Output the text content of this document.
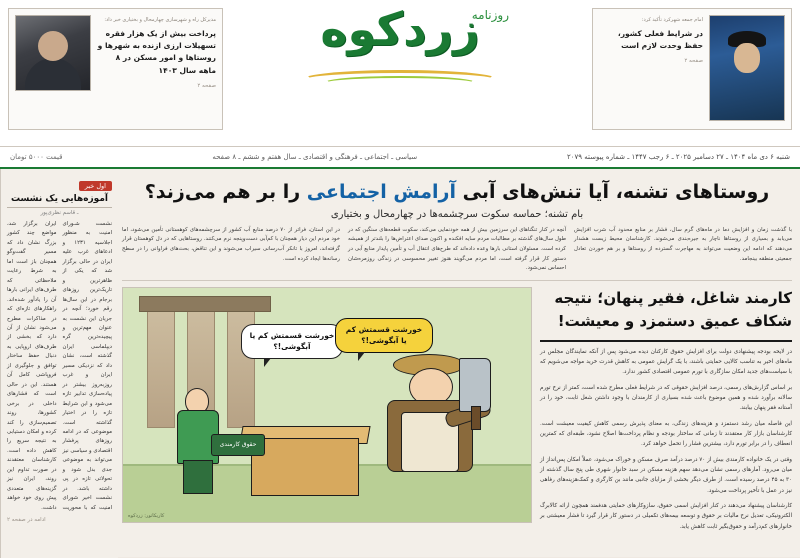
مدیرکل راه و شهرسازی چهارمحال و بختیاری خبر داد:
پرداخت بیش از یک هزار فقره تسهیلات ارزی ازنده به شهرها و روستاها و امور مسکن در ۸ ماهه سال ۱۴۰۳
صفحه ۲
زردکوه
روزنامه	امام جمعه شهرکرد تأکید کرد:
در شرایط فعلی کشور، حفظ وحدت لازم است
صفحه ۲
شنبه ۶ دی ماه ۱۴۰۴ ـ ۲۷ دسامبر ۲۰۲۵ ـ ۶ رجب ۱۴۴۷ ـ شماره پیوسته ۲۰۷۹
سیاسی ـ اجتماعی ـ فرهنگی و اقتصادی ـ سال هفتم و ششم ـ ۸ صفحه
قیمت ۵۰۰۰ تومان
روستاهای تشنه، آیا تنش‌های آبی آرامش اجتماعی را بر هم می‌زند؟
بام تشنه؛ حماسه سکوت سرچشمه‌ها در چهارمحال و بختیاری
با گذشت زمان و افزایش دما در ماه‌های گرم سال، فشار بر منابع محدود آب شرب افزایش می‌یابد و بسیاری از روستاها ناچار به جیره‌بندی می‌شوند. کارشناسان محیط زیست هشدار می‌دهند که ادامه این وضعیت می‌تواند به مهاجرت گسترده از روستاها و بر هم خوردن تعادل جمعیتی منطقه بینجامد.
آنچه در کنار تنگناهای این سرزمین بیش از همه خودنمایی می‌کند، سکوت قطعه‌های سنگین که در طول سال‌های گذشته بر مطالبات مردم سایه افکنده و اکنون صدای اعتراض‌ها را بلندتر از همیشه کرده است. مسئولان استانی بارها وعده داده‌اند که طرح‌های انتقال آب و تأمین پایدار منابع آبی در دستور کار قرار گرفته است، اما مردم می‌گویند هنوز تغییر محسوسی در زندگی روزمره‌شان احساس نمی‌شود.
در این استان، فراتر از ۷۰ درصد منابع آب کشور از سرچشمه‌های کوهستانی تأمین می‌شود، اما خود مردم این دیار همچنان با کم‌آبی دست‌وپنجه نرم می‌کنند. روستاهایی که در دل کوهستان قرار گرفته‌اند، امروز با تانکر آب‌رسانی سیراب می‌شوند و این تناقض، بحث‌های فراوانی را در سطح رسانه‌ها ایجاد کرده است.
کارمند شاغل، فقیر پنهان؛ نتیجه
شکاف عمیق دستمزد و معیشت!

در لایحه بودجه پیشنهادی دولت برای افزایش حقوق کارکنان دیده می‌شود پس از آنکه نمایندگان مجلس در ماه‌های اخیر به تناسب کالایی حمایتی باشند، با یک گرایش عمومی به کاهش قدرت خرید مواجه می‌شویم که با سیاست‌های جدید امکان سازگاری با تورم عمومی اقتصادی کشور ندارد.

بر اساس گزارش‌های رسمی، درصد افزایش حقوقی که در شرایط فعلی مطرح شده است، کمتر از نرخ تورم سالانه برآورد شده و همین موضوع باعث شده بسیاری از کارمندان با وجود داشتن شغل ثابت، خود را در آستانه فقر پنهان بیابند.

این فاصله میان رشد دستمزد و هزینه‌های زندگی، به معنای پذیرش رسمی کاهش کیفیت معیشت است. کارشناسان بازار کار معتقدند تا زمانی که ساختار بودجه و نظام پرداخت‌ها اصلاح نشود، طبقه‌ای که کمترین انعطاف را در برابر تورم دارد، بیشترین فشار را تحمل خواهد کرد.

وقتی در یک خانواده کارمندی بیش از ۷۰ درصد درآمد صرف مسکن و خوراک می‌شود، عملاً امکان پس‌انداز از میان می‌رود. آمارهای رسمی نشان می‌دهد سهم هزینه مسکن در سبد خانوار شهری طی پنج سال گذشته از ۳۰ به ۴۵ درصد رسیده است. از طرف دیگر بخشی از مزایای جانبی مانند بن کارگری و کمک‌هزینه‌های رفاهی نیز در عمل با تأخیر پرداخت می‌شود.

کارشناسان پیشنهاد می‌دهند در کنار افزایش اسمی حقوق، سازوکارهای حمایتی هدفمند همچون ارائه کالابرگ الکترونیکی، تعدیل نرخ مالیات بر حقوق و توسعه بیمه‌های تکمیلی در دستور کار قرار گیرد تا فشار معیشتی بر خانوارهای کم‌درآمد و حقوق‌بگیر ثابت کاهش یابد.

خورشت قسمتش کم یا آبگوشی!؟
خورشت قسمتش کم یا آبگوشی!؟
حقوق کارمندی
کاریکاتور: زردکوه
اول خبر
آموزه‌هایی یک نشست
ـ قاسم نظری‌پور
نشست شـورای امنیت به منظور اجلاسیه ۱۲۳۱ و ادعاهای غرب علیه ایران در حالی برگزار شد که یکی از ظاهرترین و تاریک‌ترین روزهای برجام در این سال‌ها رقم خورد؛ آنچه در جریان این نشست به عنوان مهم‌ترین و پیچیده‌ترین گره دیپلماسی ایران گذشته است، نشان داد که نزدیکی مسیر ایران و غرب روزبه‌روز بیشتر در پیاده‌سازی تدابیر تازه می‌شود و این شرایط تازه را در اختیار گذاشته است. موضوعی که در ادامه روزهای پرفشار اقتصادی و سیاسی نیز می‌تواند به موضوعی جدی بدل شود و تحولاتی تازه در پی داشته باشد. در نشست اخیر شورای امنیت که با محوریت ایران برگزار شد، مواضع چند کشور بزرگ نشان داد که مسیر گفت‌وگو همچنان باز است اما به شرط رعایت ملاحظاتی که طرف‌های ایرانی بارها آن را یادآور شده‌اند. راهکارهای تازه‌ای که در مذاکرات مطرح می‌شود نشان از آن دارد که بخشی از طرف‌های اروپایی به دنبال حفظ ساختار توافق و جلوگیری از فروپاشی کامل آن هستند. این در حالی است که فشارهای داخلی در برخی کشورها، روند تصمیم‌سازی را کند کرده و امکان دستیابی به نتیجه سریع را کاهش داده است. کارشناسان معتقدند در صورت تداوم این روند، ایران نیز گزینه‌های متعددی پیش روی خود خواهد داشت.
ادامه در صفحه ۲
